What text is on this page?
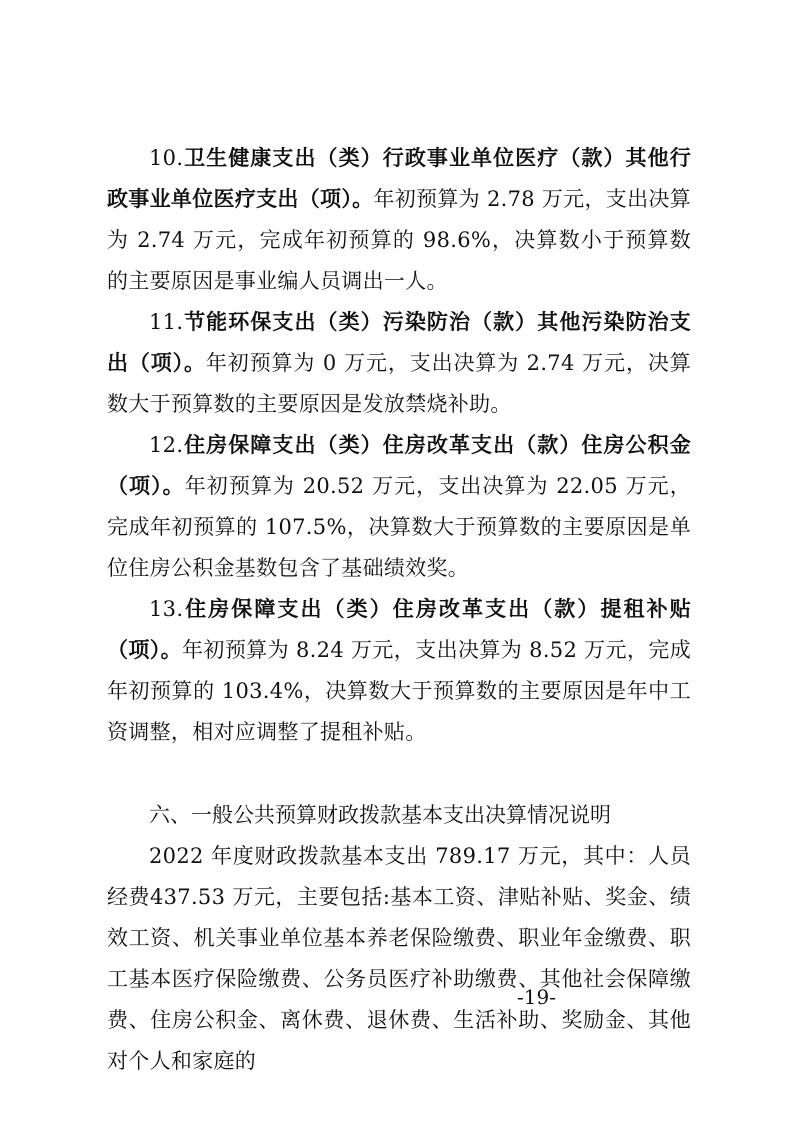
10.卫生健康支出（类）行政事业单位医疗（款）其他行政事业单位医疗支出（项）。年初预算为 2.78 万元，支出决算为 2.74 万元，完成年初预算的 98.6%，决算数小于预算数的主要原因是事业编人员调出一人。

11.节能环保支出（类）污染防治（款）其他污染防治支出（项）。年初预算为 0 万元，支出决算为 2.74 万元，决算数大于预算数的主要原因是发放禁烧补助。

12.住房保障支出（类）住房改革支出（款）住房公积金（项）。年初预算为 20.52 万元，支出决算为 22.05 万元，完成年初预算的 107.5%，决算数大于预算数的主要原因是单位住房公积金基数包含了基础绩效奖。

13.住房保障支出（类）住房改革支出（款）提租补贴（项）。年初预算为 8.24 万元，支出决算为 8.52 万元，完成年初预算的 103.4%，决算数大于预算数的主要原因是年中工资调整，相对应调整了提租补贴。

六、一般公共预算财政拨款基本支出决算情况说明

2022 年度财政拨款基本支出 789.17 万元，其中：人员经费437.53 万元，主要包括:基本工资、津贴补贴、奖金、绩效工资、机关事业单位基本养老保险缴费、职业年金缴费、职工基本医疗保险缴费、公务员医疗补助缴费、其他社会保障缴费、住房公积金、离休费、退休费、生活补助、奖励金、其他对个人和家庭的

-19-
